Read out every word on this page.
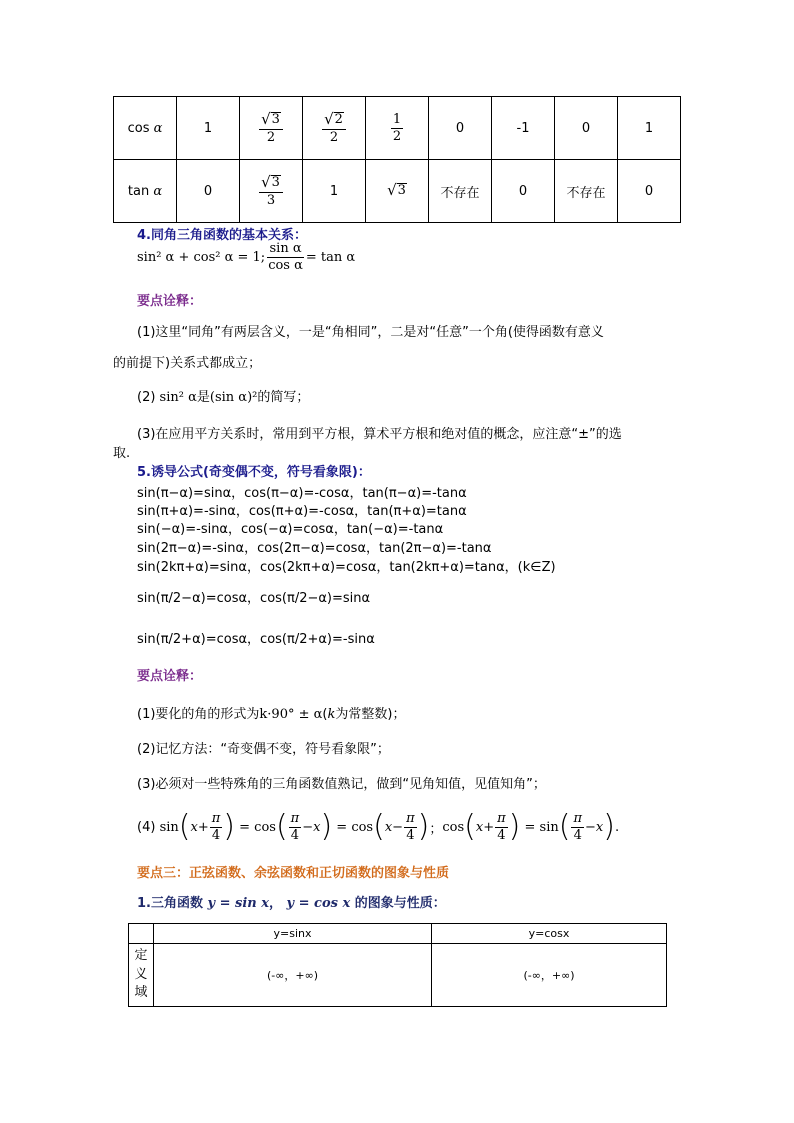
cos α	1	$\frac{√ 3}{2}$	$\frac{√ 2}{2}$	$\frac{1}{2}$	0	-1	0	1
tan α	0	$\frac{√ 3}{3}$	1	√ 3	不存在	0	不存在	0
4.同角三角函数的基本关系：
sin² α + cos² α = 1; $\frac{\text{sin α}}{\text{cos α}} = \tan \alpha$
要点诠释：
(1)这里“同角”有两层含义，一是“角相同”，二是对“任意”一个角(使得函数有意义
的前提下)关系式都成立；
(2) sin² α是(sin α)²的简写；
(3)在应用平方关系时，常用到平方根，算术平方根和绝对值的概念，应注意“±”的选
取.
5.诱导公式(奇变偶不变，符号看象限)：
sin(π−α)=sinα，cos(π−α)=-cosα，tan(π−α)=-tanα
sin(π+α)=-sinα，cos(π+α)=-cosα，tan(π+α)=tanα
sin(−α)=-sinα，cos(−α)=cosα，tan(−α)=-tanα
sin(2π−α)=-sinα，cos(2π−α)=cosα，tan(2π−α)=-tanα
sin(2kπ+α)=sinα，cos(2kπ+α)=cosα，tan(2kπ+α)=tanα，(k∈Z)
sin(π/2−α)=cosα，cos(π/2−α)=sinα
sin(π/2+α)=cosα，cos(π/2+α)=-sinα
要点诠释：
(1)要化的角的形式为k·90° ± α(k为常整数)；
(2)记忆方法：“奇变偶不变，符号看象限”；
(3)必须对一些特殊角的三角函数值熟记，做到“见角知值，见值知角”；
(4)
sin ( $x + \frac{\pi}{4}$ ) = cos ( $\frac{\pi}{4} - x$ ) = cos ( $x - \frac{\pi}{4}$ ) ； cos ( $x + \frac{\pi}{4}$ ) = sin ( $\frac{\pi}{4} - x$ ) .
要点三：正弦函数、余弦函数和正切函数的图象与性质
1.三角函数 y = sin x， y = cos x 的图象与性质：
	y=sinx	y=cosx
定
义
域	(-∞，+∞)	(-∞，+∞)
